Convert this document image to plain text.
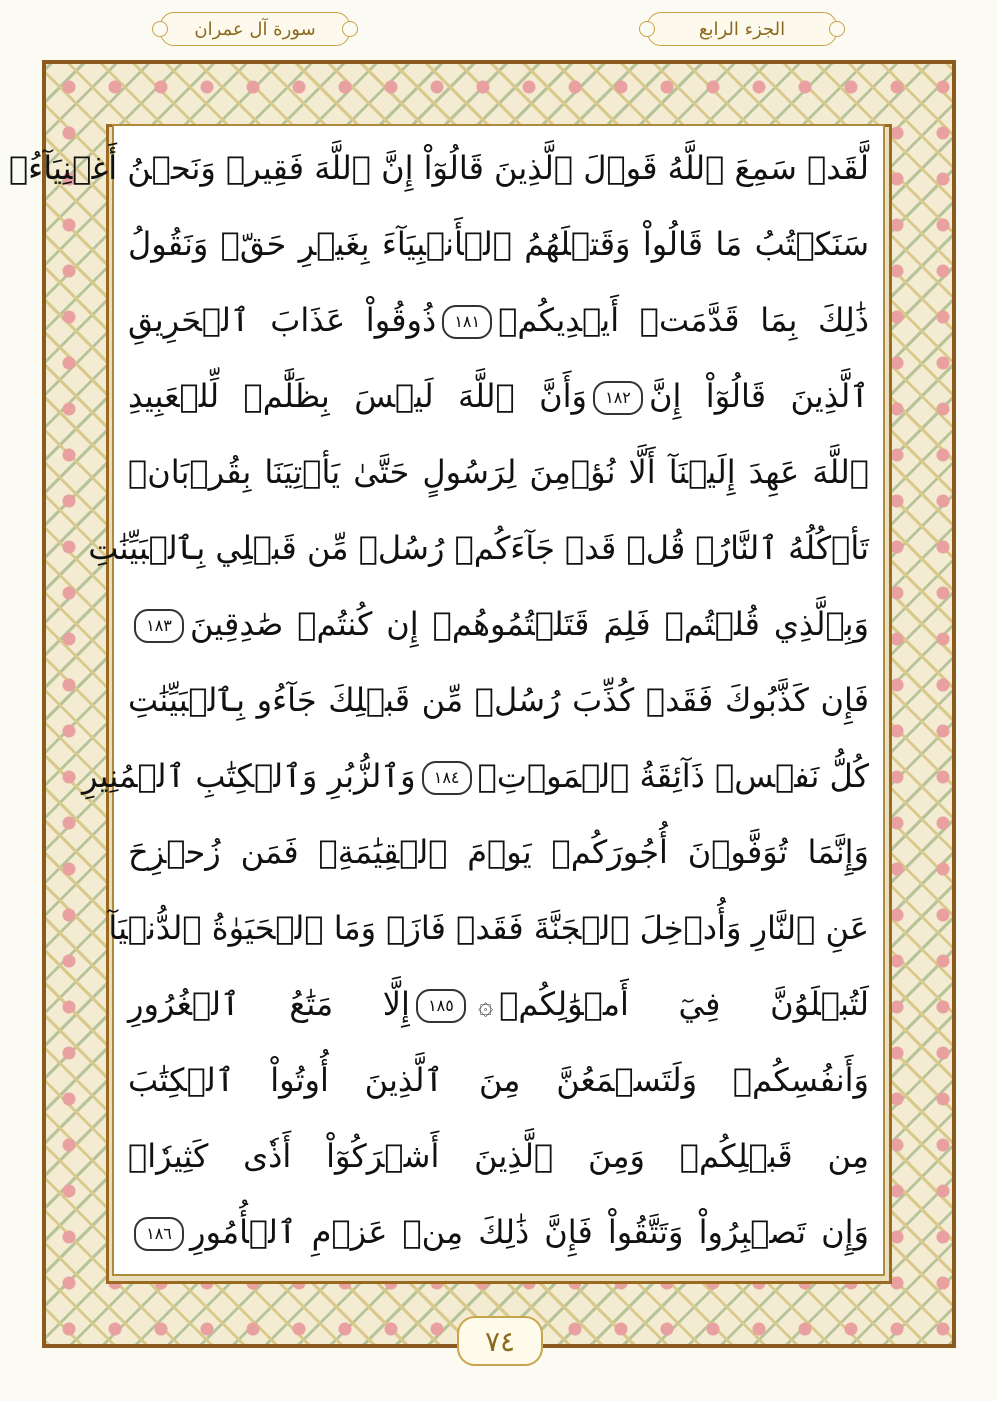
الجزء الرابع
سورة آل عمران
لَّقَدۡ سَمِعَ ٱللَّهُ قَوۡلَ ٱلَّذِينَ قَالُوٓاْ إِنَّ ٱللَّهَ فَقِيرٞ وَنَحۡنُ أَغۡنِيَآءُۘ
سَنَكۡتُبُ مَا قَالُواْ وَقَتۡلَهُمُ ٱلۡأَنۢبِيَآءَ بِغَيۡرِ حَقّٖ وَنَقُولُ
ذَٰلِكَ بِمَا قَدَّمَتۡ أَيۡدِيكُمۡ١٨١ذُوقُواْ عَذَابَ ٱلۡحَرِيقِ
ٱلَّذِينَ قَالُوٓاْ إِنَّ١٨٢وَأَنَّ ٱللَّهَ لَيۡسَ بِظَلَّٰمٖ لِّلۡعَبِيدِ
ٱللَّهَ عَهِدَ إِلَيۡنَآ أَلَّا نُؤۡمِنَ لِرَسُولٍ حَتَّىٰ يَأۡتِيَنَا بِقُرۡبَانٖ
تَأۡكُلُهُ ٱلنَّارُۗ قُلۡ قَدۡ جَآءَكُمۡ رُسُلٞ مِّن قَبۡلِي بِٱلۡبَيِّنَٰتِ
وَبِٱلَّذِي قُلۡتُمۡ فَلِمَ قَتَلۡتُمُوهُمۡ إِن كُنتُمۡ صَٰدِقِينَ١٨٣
فَإِن كَذَّبُوكَ فَقَدۡ كُذِّبَ رُسُلٞ مِّن قَبۡلِكَ جَآءُو بِٱلۡبَيِّنَٰتِ
كُلُّ نَفۡسٖ ذَآئِقَةُ ٱلۡمَوۡتِۗ١٨٤وَٱلزُّبُرِ وَٱلۡكِتَٰبِ ٱلۡمُنِيرِ
وَإِنَّمَا تُوَفَّوۡنَ أُجُورَكُمۡ يَوۡمَ ٱلۡقِيَٰمَةِۖ فَمَن زُحۡزِحَ
عَنِ ٱلنَّارِ وَأُدۡخِلَ ٱلۡجَنَّةَ فَقَدۡ فَازَۗ وَمَا ٱلۡحَيَوٰةُ ٱلدُّنۡيَآ
لَتُبۡلَوُنَّ فِيٓ أَمۡوَٰلِكُمۡ۞١٨٥إِلَّا مَتَٰعُ ٱلۡغُرُورِ
وَأَنفُسِكُمۡ وَلَتَسۡمَعُنَّ مِنَ ٱلَّذِينَ أُوتُواْ ٱلۡكِتَٰبَ
مِن قَبۡلِكُمۡ وَمِنَ ٱلَّذِينَ أَشۡرَكُوٓاْ أَذٗى كَثِيرٗاۚ
وَإِن تَصۡبِرُواْ وَتَتَّقُواْ فَإِنَّ ذَٰلِكَ مِنۡ عَزۡمِ ٱلۡأُمُورِ١٨٦
٧٤
